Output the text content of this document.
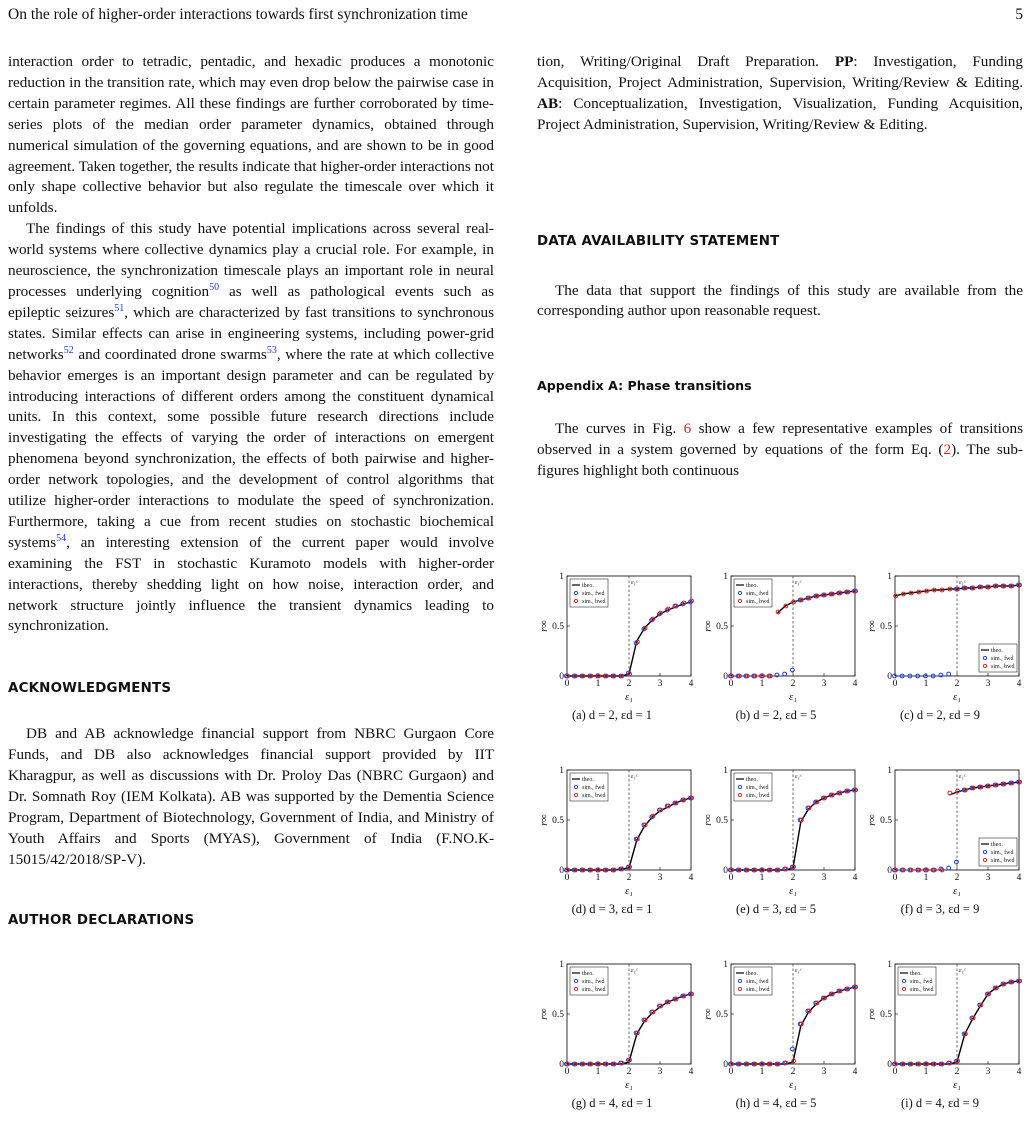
On the role of higher-order interactions towards first synchronization time	5

interaction order to tetradic, pentadic, and hexadic produces a monotonic reduction in the transition rate, which may even drop below the pairwise case in certain parameter regimes. All these findings are further corroborated by time-series plots of the median order parameter dynamics, obtained through numerical simulation of the governing equations, and are shown to be in good agreement. Taken together, the results indicate that higher-order interactions not only shape collective behavior but also regulate the timescale over which it unfolds.

The findings of this study have potential implications across several real-world systems where collective dynamics play a crucial role. For example, in neuroscience, the synchronization timescale plays an important role in neural processes underlying cognition$^{50}$ as well as pathological events such as epileptic seizures$^{51}$, which are characterized by fast transitions to synchronous states. Similar effects can arise in engineering systems, including power-grid networks$^{52}$ and coordinated drone swarms$^{53}$, where the rate at which collective behavior emerges is an important design parameter and can be regulated by introducing interactions of different orders among the constituent dynamical units. In this context, some possible future research directions include investigating the effects of varying the order of interactions on emergent phenomena beyond synchronization, the effects of both pairwise and higher-order network topologies, and the development of control algorithms that utilize higher-order interactions to modulate the speed of synchronization. Furthermore, taking a cue from recent studies on stochastic biochemical systems$^{54}$, an interesting extension of the current paper would involve examining the FST in stochastic Kuramoto models with higher-order interactions, thereby shedding light on how noise, interaction order, and network structure jointly influence the transient dynamics leading to synchronization.

ACKNOWLEDGMENTS

DB and AB acknowledge financial support from NBRC Gurgaon Core Funds, and DB also acknowledges financial support provided by IIT Kharagpur, as well as discussions with Dr. Proloy Das (NBRC Gurgaon) and Dr. Somnath Roy (IEM Kolkata). AB was supported by the Dementia Science Program, Department of Biotechnology, Government of India, and Ministry of Youth Affairs and Sports (MYAS), Government of India (F.NO.K-15015/42/2018/SP-V).

AUTHOR DECLARATIONS

tion, Writing/Original Draft Preparation. PP: Investigation, Funding Acquisition, Project Administration, Supervision, Writing/Review & Editing. AB: Conceptualization, Investigation, Visualization, Funding Acquisition, Project Administration, Supervision, Writing/Review & Editing.

DATA AVAILABILITY STATEMENT

The data that support the findings of this study are available from the corresponding author upon reasonable request.

Appendix A: Phase transitions

The curves in Fig. 6 show a few representative examples of transitions observed in a system governed by equations of the form Eq. (2). The sub-figures highlight both continuous

0	1	2	3	4
0
0.5
1
ε₁
r∞
ε₁ᶜ
theo.
sim., fwd
sim., bwd
(a) d = 2, εd = 1
0	1	2	3	4
0
0.5
1
ε₁
r∞
ε₁ᶜ
theo.
sim., fwd
sim., bwd
(b) d = 2, εd = 5
0	1	2	3	4
0
0.5
1
ε₁
r∞
ε₁ᶜ
theo.
sim., fwd
sim., bwd
(c) d = 2, εd = 9
0	1	2	3	4
0
0.5
1
ε₁
r∞
ε₁ᶜ
theo.
sim., fwd
sim., bwd
(d) d = 3, εd = 1
0	1	2	3	4
0
0.5
1
ε₁
r∞
ε₁ᶜ
theo.
sim., fwd
sim., bwd
(e) d = 3, εd = 5
0	1	2	3	4
0
0.5
1
ε₁
r∞
ε₁ᶜ
theo.
sim., fwd
sim., bwd
(f) d = 3, εd = 9
0	1	2	3	4
0
0.5
1
ε₁
r∞
ε₁ᶜ
theo.
sim., fwd
sim., bwd
(g) d = 4, εd = 1
0	1	2	3	4
0
0.5
1
ε₁
r∞
ε₁ᶜ
theo.
sim., fwd
sim., bwd
(h) d = 4, εd = 5
0	1	2	3	4
0
0.5
1
ε₁
r∞
ε₁ᶜ
theo.
sim., fwd
sim., bwd
(i) d = 4, εd = 9
